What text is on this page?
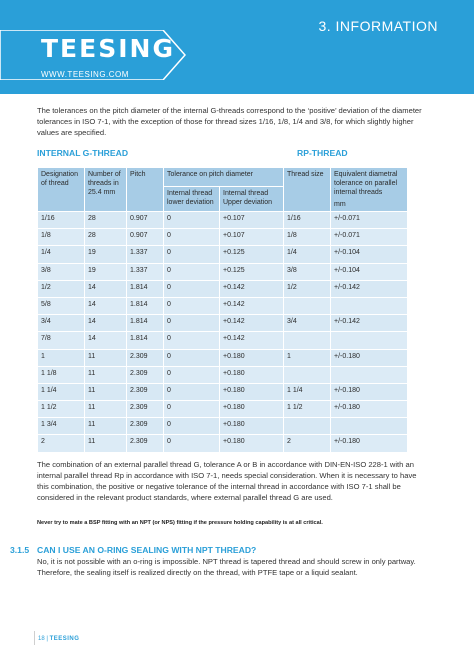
3. INFORMATION
TEESING
WWW.TEESING.COM
The tolerances on the pitch diameter of the internal G-threads correspond to the ‘positive’ deviation of the diameter tolerances in ISO 7-1, with the exception of those for thread sizes 1/16, 1/8, 1/4 and 3/8, for which slightly higher values are specified.
INTERNAL G-THREAD	RP-THREAD
Designation of thread	Number of threads in 25.4 mm	Pitch	Tolerance on pitch diameter		Thread size	Equivalent diametral tolerance on parallel internal threads
mm

			Internal thread lower deviation	Internal thread Upper deviation		
1/16	28	0.907	0	+0.107	1/16	+/-0.071
1/8	28	0.907	0	+0.107	1/8	+/-0.071
1/4	19	1.337	0	+0.125	1/4	+/-0.104
3/8	19	1.337	0	+0.125	3/8	+/-0.104
1/2	14	1.814	0	+0.142	1/2	+/-0.142
5/8	14	1.814	0	+0.142		
3/4	14	1.814	0	+0.142	3/4	+/-0.142
7/8	14	1.814	0	+0.142		
1	11	2.309	0	+0.180	1	+/-0.180
1 1/8	11	2.309	0	+0.180		
1 1/4	11	2.309	0	+0.180	1 1/4	+/-0.180
1 1/2	11	2.309	0	+0.180	1 1/2	+/-0.180
1 3/4	11	2.309	0	+0.180		
2	11	2.309	0	+0.180	2	+/-0.180
The combination of an external parallel thread G, tolerance A or B in accordance with DIN-EN-ISO 228-1 with an internal parallel thread Rp in accordance with ISO 7-1, needs special consideration. When it is necessary to have this combination, the positive or negative tolerance of the internal thread in accordance with ISO 7-1 shall be considered in the relevant product standards, where external parallel thread G are used.
Never try to mate a BSP fitting with an NPT (or NPS) fitting if the pressure holding capability is at all critical.
3.1.5 CAN I USE AN O-RING SEALING WITH NPT THREAD?
No, it is not possible with an o-ring is impossible. NPT thread is tapered thread and should screw in only partway. Therefore, the sealing itself is realized directly on the thread, with PTFE tape or a liquid sealant.
18 | TEESING
